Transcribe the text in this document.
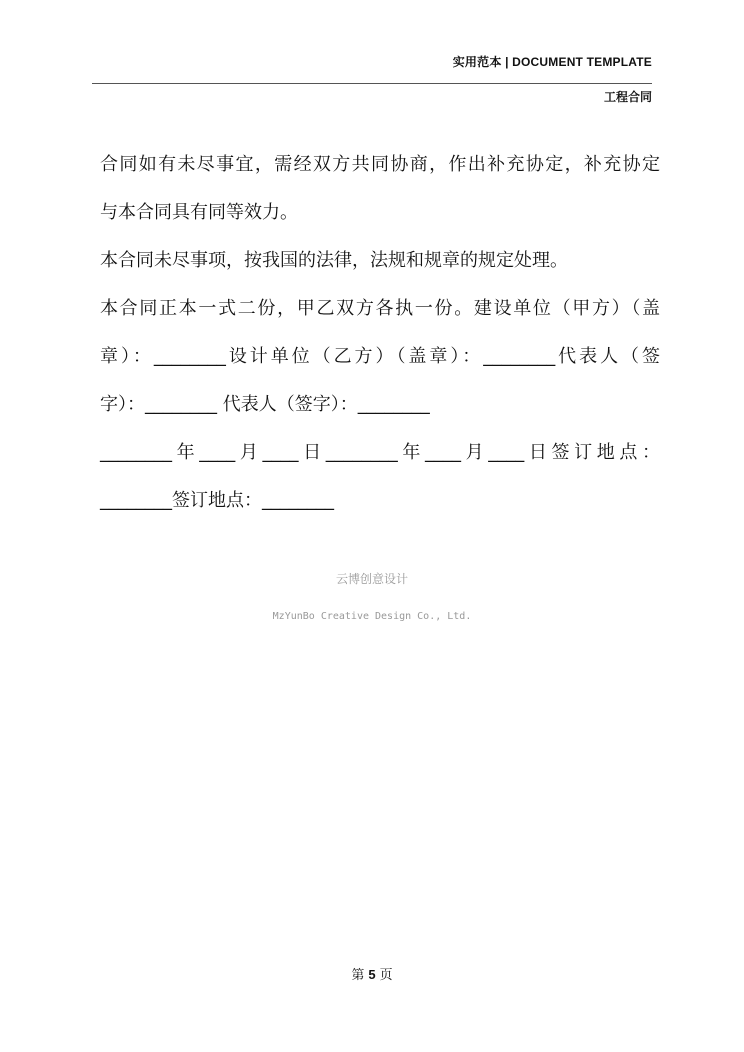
实用范本 | DOCUMENT TEMPLATE
工程合同

合同如有未尽事宜，需经双方共同协商，作出补充协定，补充协定
与本合同具有同等效力。

本合同未尽事项，按我国的法律，法规和规章的规定处理。

本合同正本一式二份，甲乙双方各执一份。建设单位（甲方）（盖
章）：________设计单位（乙方）（盖章）：________代表人（签
字）：________ 代表人（签字）：________
________年____月____日________年____月____日签订地点：
________签订地点：________

云博创意设计
MzYunBo Creative Design Co., Ltd.
第 5 页
